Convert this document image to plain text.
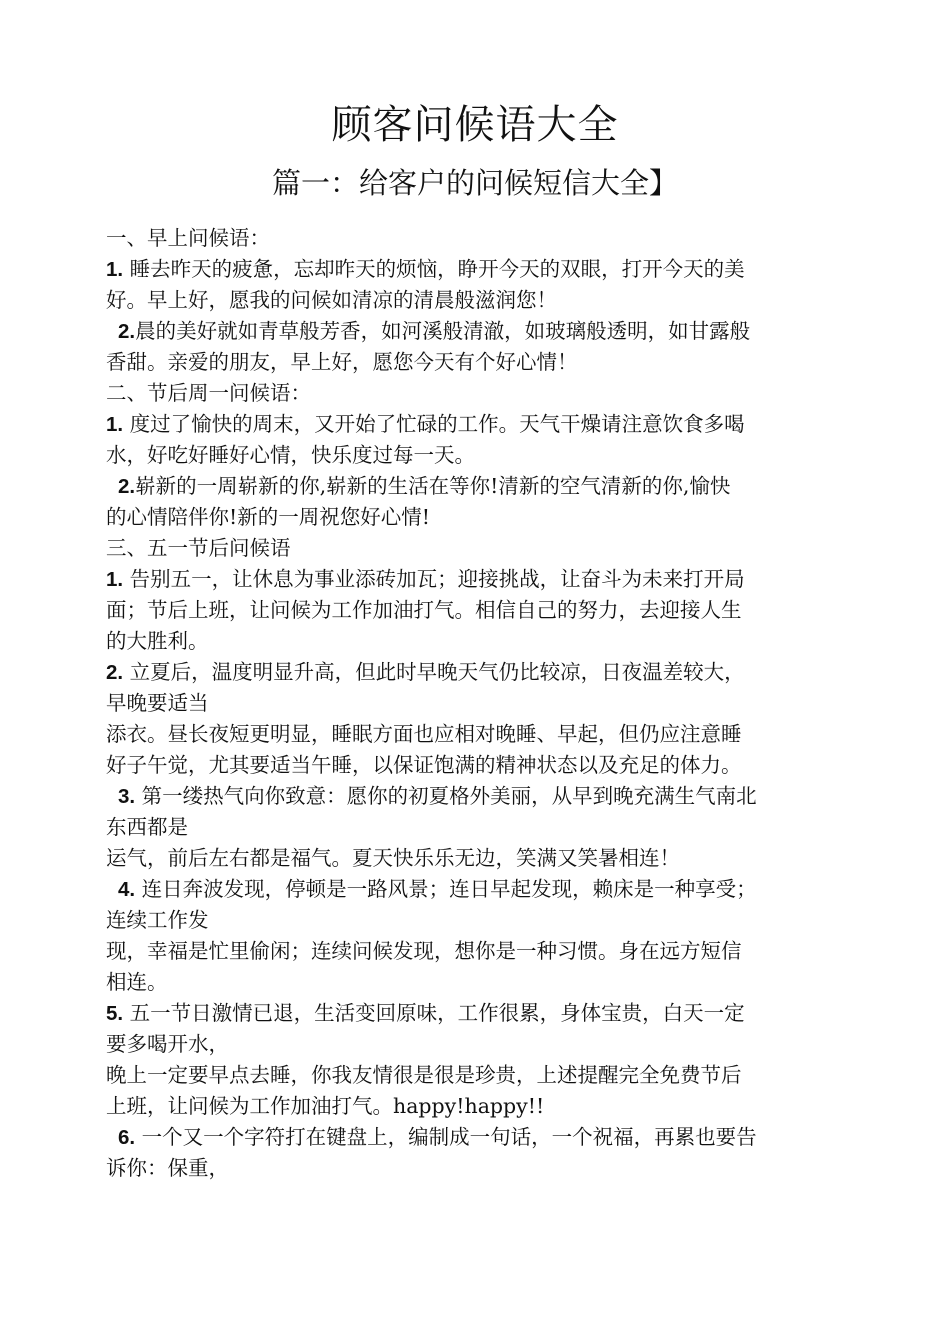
顾客问候语大全
篇一：给客户的问候短信大全】
一、早上问候语：
1. 睡去昨天的疲惫，忘却昨天的烦恼，睁开今天的双眼，打开今天的美
好。早上好，愿我的问候如清凉的清晨般滋润您！
2.晨的美好就如青草般芳香，如河溪般清澈，如玻璃般透明，如甘露般
香甜。亲爱的朋友，早上好，愿您今天有个好心情！
二、节后周一问候语：
1. 度过了愉快的周末，又开始了忙碌的工作。天气干燥请注意饮食多喝
水，好吃好睡好心情，快乐度过每一天。
2.崭新的一周崭新的你,崭新的生活在等你!清新的空气清新的你,愉快
的心情陪伴你!新的一周祝您好心情!
三、五一节后问候语
1. 告别五一，让休息为事业添砖加瓦；迎接挑战，让奋斗为未来打开局
面；节后上班，让问候为工作加油打气。相信自己的努力，去迎接人生
的大胜利。
2. 立夏后，温度明显升高，但此时早晚天气仍比较凉，日夜温差较大，
早晚要适当
添衣。昼长夜短更明显，睡眠方面也应相对晚睡、早起，但仍应注意睡
好子午觉，尤其要适当午睡，以保证饱满的精神状态以及充足的体力。
3. 第一缕热气向你致意：愿你的初夏格外美丽，从早到晚充满生气南北
东西都是
运气，前后左右都是福气。夏天快乐乐无边，笑满又笑暑相连！
4. 连日奔波发现，停顿是一路风景；连日早起发现，赖床是一种享受；
连续工作发
现，幸福是忙里偷闲；连续问候发现，想你是一种习惯。身在远方短信
相连。
5. 五一节日激情已退，生活变回原味，工作很累，身体宝贵，白天一定
要多喝开水，
晚上一定要早点去睡，你我友情很是很是珍贵，上述提醒完全免费节后
上班，让问候为工作加油打气。happy!happy!!
6. 一个又一个字符打在键盘上，编制成一句话，一个祝福，再累也要告
诉你：保重，
